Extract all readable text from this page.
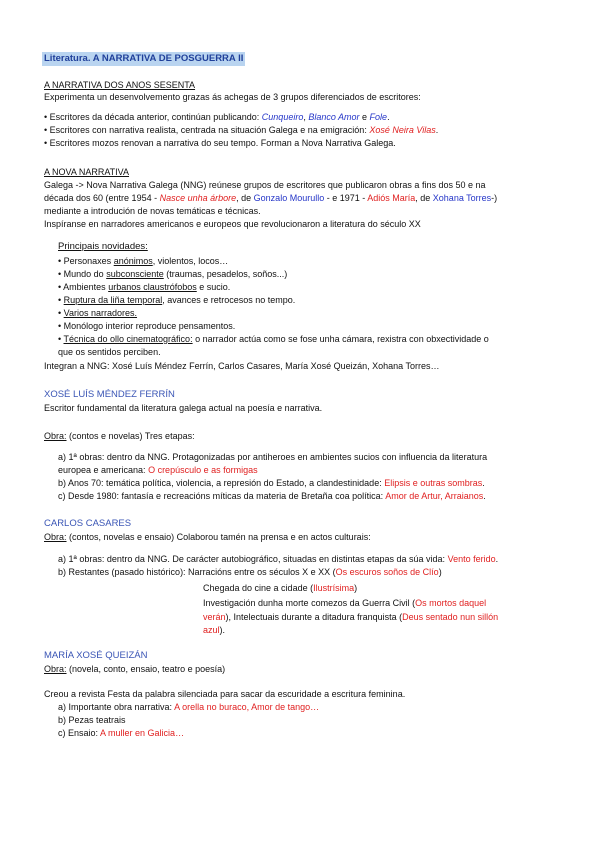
Literatura. A NARRATIVA DE POSGUERRA II
A NARRATIVA DOS ANOS SESENTA
Experimenta un desenvolvemento grazas ás achegas de 3 grupos diferenciados de escritores:
• Escritores da década anterior, continúan publicando: Cunqueiro, Blanco Amor e Fole.
• Escritores con narrativa realista, centrada na situación Galega e na emigración: Xosé Neira Vilas.
• Escritores mozos renovan a narrativa do seu tempo. Forman a Nova Narrativa Galega.
A NOVA NARRATIVA
Galega -> Nova Narrativa Galega (NNG) reúnese grupos de escritores que publicaron obras a fins dos 50 e na
década dos 60 (entre 1954 - Nasce unha árbore, de Gonzalo Mourullo - e 1971 - Adiós María, de Xohana Torres-)
mediante a introdución de novas temáticas e técnicas.
Inspíranse en narradores americanos e europeos que revolucionaron a literatura do século XX
Principais novidades:
• Personaxes anónimos, violentos, locos…
• Mundo do subconsciente (traumas, pesadelos, soños...)
• Ambientes urbanos claustrófobos e sucio.
• Ruptura da liña temporal, avances e retrocesos no tempo.
• Varios narradores.
• Monólogo interior reproduce pensamentos.
• Técnica do ollo cinematográfico: o narrador actúa como se fose unha cámara, rexistra con obxectividade o
que os sentidos perciben.
Integran a NNG: Xosé Luís Méndez Ferrín, Carlos Casares, María Xosé Queizán, Xohana Torres…
XOSÉ LUÍS MÉNDEZ FERRÍN
Escritor fundamental da literatura galega actual na poesía e narrativa.
Obra: (contos e novelas) Tres etapas:
a) 1ª obras: dentro da NNG. Protagonizadas por antiheroes en ambientes sucios con influencia da literatura
europea e americana: O crepúsculo e as formigas
b) Anos 70: temática política, violencia, a represión do Estado, a clandestinidade: Elipsis e outras sombras.
c) Desde 1980: fantasía e recreacións míticas da materia de Bretaña coa política: Amor de Artur, Arraianos.
CARLOS CASARES
Obra: (contos, novelas e ensaio) Colaborou tamén na prensa e en actos culturais:
a) 1ª obras: dentro da NNG. De carácter autobiográfico, situadas en distintas etapas da súa vida: Vento ferido.
b) Restantes (pasado histórico): Narracións entre os séculos X e XX (Os escuros soños de Clío)
Chegada do cine a cidade (Ilustrísima)
Investigación dunha morte comezos da Guerra Civil (Os mortos daquel
verán), Intelectuais durante a ditadura franquista (Deus sentado nun sillón
azul).
MARÍA XOSÉ QUEIZÁN
Obra: (novela, conto, ensaio, teatro e poesía)
Creou a revista Festa da palabra silenciada para sacar da escuridade a escritura feminina.
a) Importante obra narrativa: A orella no buraco, Amor de tango…
b) Pezas teatrais
c) Ensaio: A muller en Galicia…
